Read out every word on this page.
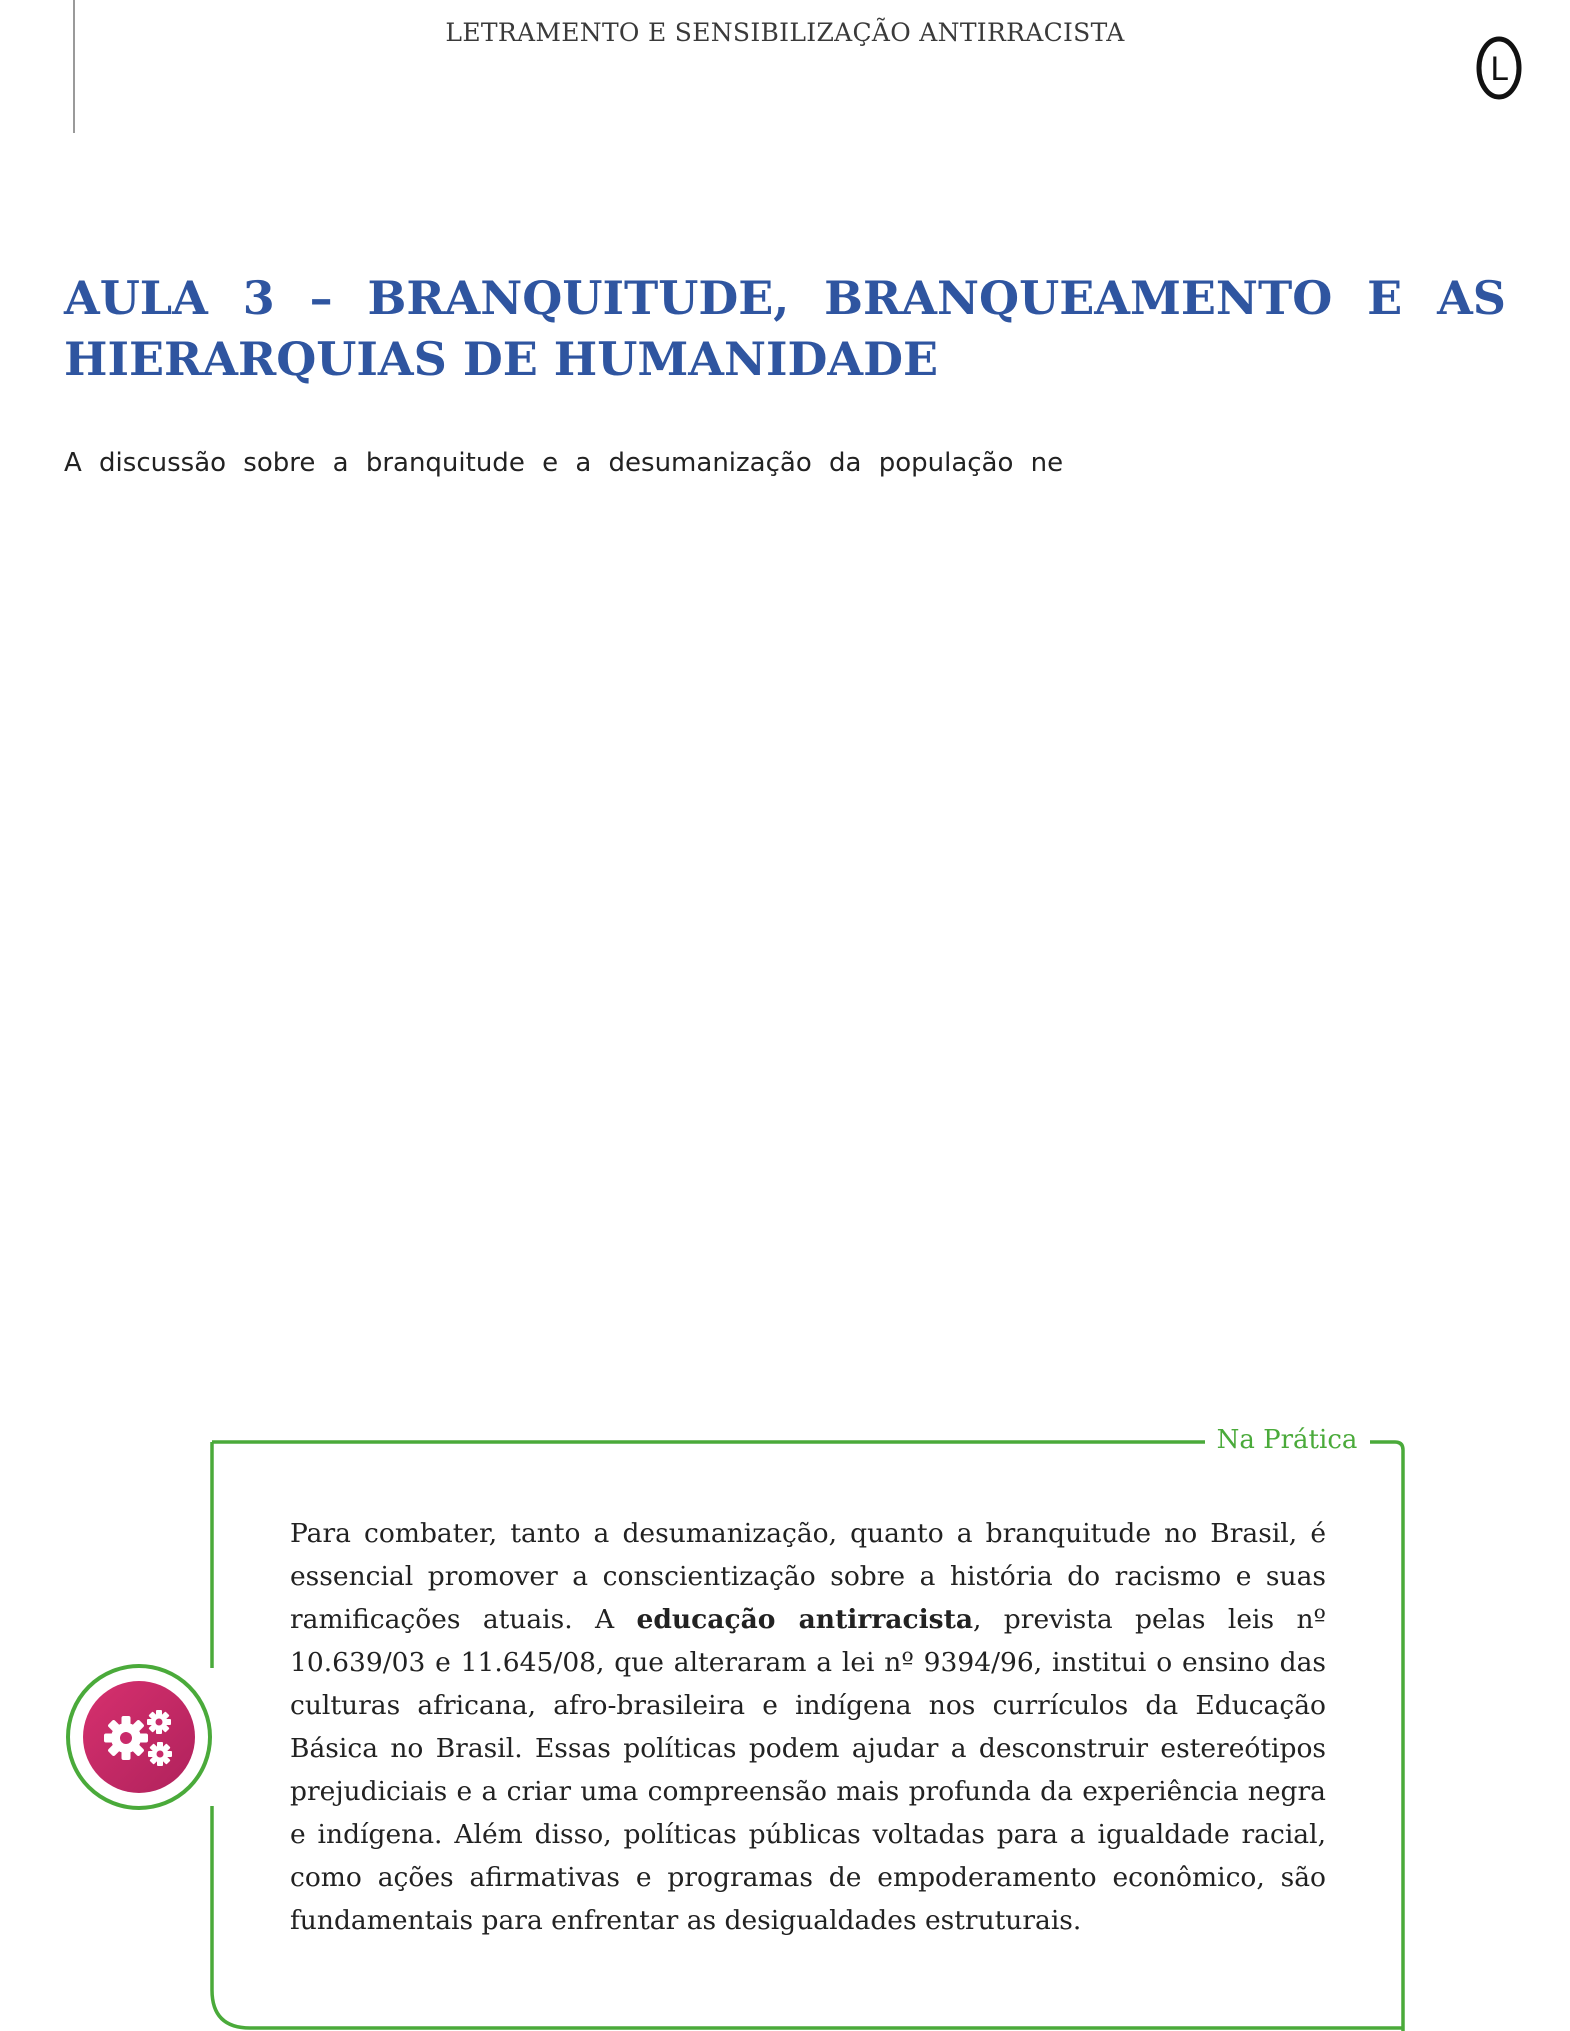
LETRAMENTO E SENSIBILIZAÇÃO ANTIRRACISTA
L
AULA 3 – BRANQUITUDE, BRANQUEAMENTO E AS HIERARQUIAS DE HUMANIDADE

A discussão sobre a branquitude e a desumanização da população ne

Na Prática

Para combater, tanto a desumanização, quanto a branquitude no Brasil, é essencial promover a conscientização sobre a história do racismo e suas ramificações atuais. A educação antirracista, prevista pelas leis nº 10.639/03 e 11.645/08, que alteraram a lei nº 9394/96, institui o ensino das culturas africana, afro-brasileira e indígena nos currículos da Educação Básica no Brasil. Essas políticas podem ajudar a desconstruir estereótipos prejudiciais e a criar uma compreensão mais profunda da experiência negra e indígena. Além disso, políticas públicas voltadas para a igualdade racial, como ações afirmativas e programas de empoderamento econômico, são fundamentais para enfrentar as desigualdades estruturais.
